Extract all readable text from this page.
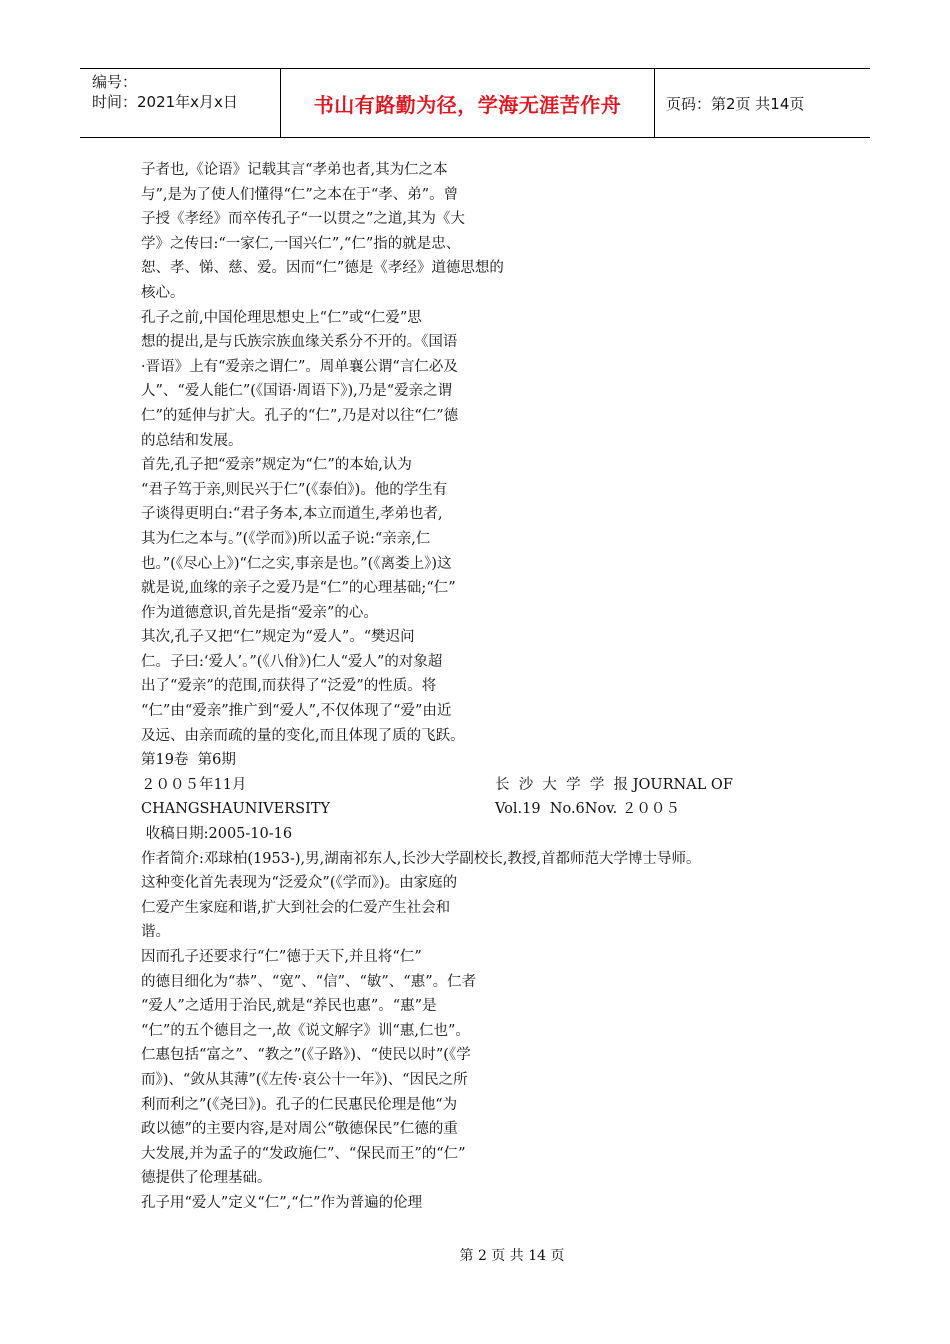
编号：
时间：2021年x月x日	书山有路勤为径，学海无涯苦作舟	页码：第2页 共14页
子者也,《论语》记载其言“孝弟也者,其为仁之本
与”,是为了使人们懂得“仁”之本在于“孝、弟”。曾
子授《孝经》而卒传孔子“一以贯之”之道,其为《大
学》之传曰:“一家仁,一国兴仁”,“仁”指的就是忠、
恕、孝、悌、慈、爱。因而“仁”德是《孝经》道德思想的
核心。
孔子之前,中国伦理思想史上“仁”或“仁爱”思
想的提出,是与氏族宗族血缘关系分不开的。《国语
·晋语》上有“爱亲之谓仁”。周单襄公谓“言仁必及
人”、“爱人能仁”(《国语·周语下》),乃是“爱亲之谓
仁”的延伸与扩大。孔子的“仁”,乃是对以往“仁”德
的总结和发展。
首先,孔子把“爱亲”规定为“仁”的本始,认为
“君子笃于亲,则民兴于仁”(《泰伯》)。他的学生有
子谈得更明白:“君子务本,本立而道生,孝弟也者,
其为仁之本与。”(《学而》)所以孟子说:“亲亲,仁
也。”(《尽心上》)“仁之实,事亲是也。”(《离娄上》)这
就是说,血缘的亲子之爱乃是“仁”的心理基础;“仁”
作为道德意识,首先是指“爱亲”的心。
其次,孔子又把“仁”规定为“爱人”。“樊迟问
仁。子曰:‘爱人’。”(《八佾》)仁人“爱人”的对象超
出了“爱亲”的范围,而获得了“泛爱”的性质。将
“仁”由“爱亲”推广到“爱人”,不仅体现了“爱”由近
及远、由亲而疏的量的变化,而且体现了质的飞跃。
第19卷  第6期
２００５年11月	长  沙  大  学  学  报 JOURNAL OF
CHANGSHAUNIVERSITY	Vol.19  No.6Nov. ２００５
收稿日期:2005-10-16
作者简介:邓球柏(1953-),男,湖南祁东人,长沙大学副校长,教授,首都师范大学博士导师。
这种变化首先表现为“泛爱众”(《学而》)。由家庭的
仁爱产生家庭和谐,扩大到社会的仁爱产生社会和
谐。
因而孔子还要求行“仁”德于天下,并且将“仁”
的德目细化为“恭”、“宽”、“信”、“敏”、“惠”。仁者
“爱人”之适用于治民,就是“养民也惠”。“惠”是
“仁”的五个德目之一,故《说文解字》训“惠,仁也”。
仁惠包括“富之”、“教之”(《子路》)、“使民以时”(《学
而》)、“敛从其薄”(《左传·哀公十一年》)、“因民之所
利而利之”(《尧曰》)。孔子的仁民惠民伦理是他“为
政以德”的主要内容,是对周公“敬德保民”仁德的重
大发展,并为孟子的“发政施仁”、“保民而王”的“仁”
德提供了伦理基础。
孔子用“爱人”定义“仁”,“仁”作为普遍的伦理
第 2 页 共 14 页
